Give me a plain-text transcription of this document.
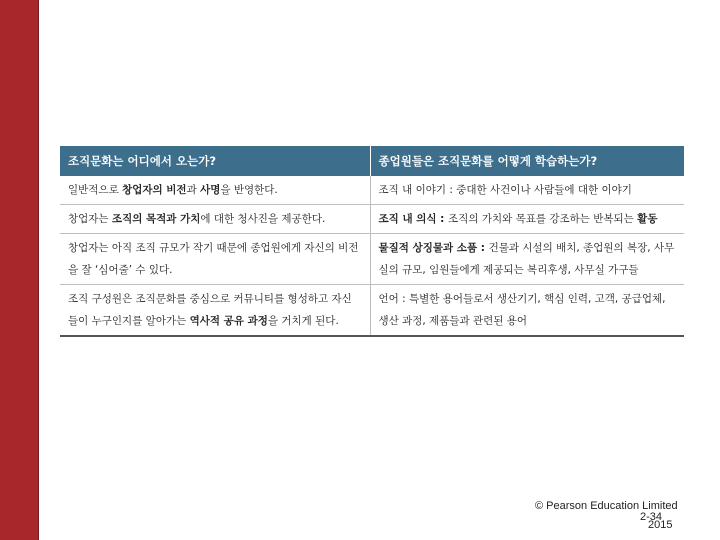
조직문화는 어디에서 오는가?	종업원들은 조직문화를 어떻게 학습하는가?
일반적으로 창업자의 비전과 사명을 반영한다.	조직 내 이야기 : 중대한 사건이나 사람들에 대한 이야기
창업자는 조직의 목적과 가치에 대한 청사진을 제공한다.	조직 내 의식 : 조직의 가치와 목표를 강조하는 반복되는 활동
창업자는 아직 조직 규모가 작기 때문에 종업원에게 자신의 비전을 잘 ‘심어줄’ 수 있다.	물질적 상징물과 소품 : 건물과 시설의 배치, 종업원의 복장, 사무실의 규모, 임원들에게 제공되는 복리후생, 사무실 가구들
조직 구성원은 조직문화를 중심으로 커뮤니티를 형성하고 자신들이 누구인지를 알아가는 역사적 공유 과정을 거치게 된다.	언어 : 특별한 용어들로서 생산기기, 핵심 인력, 고객, 공급업체, 생산 과정, 제품들과 관련된 용어
© Pearson Education Limited
2-34
2015
